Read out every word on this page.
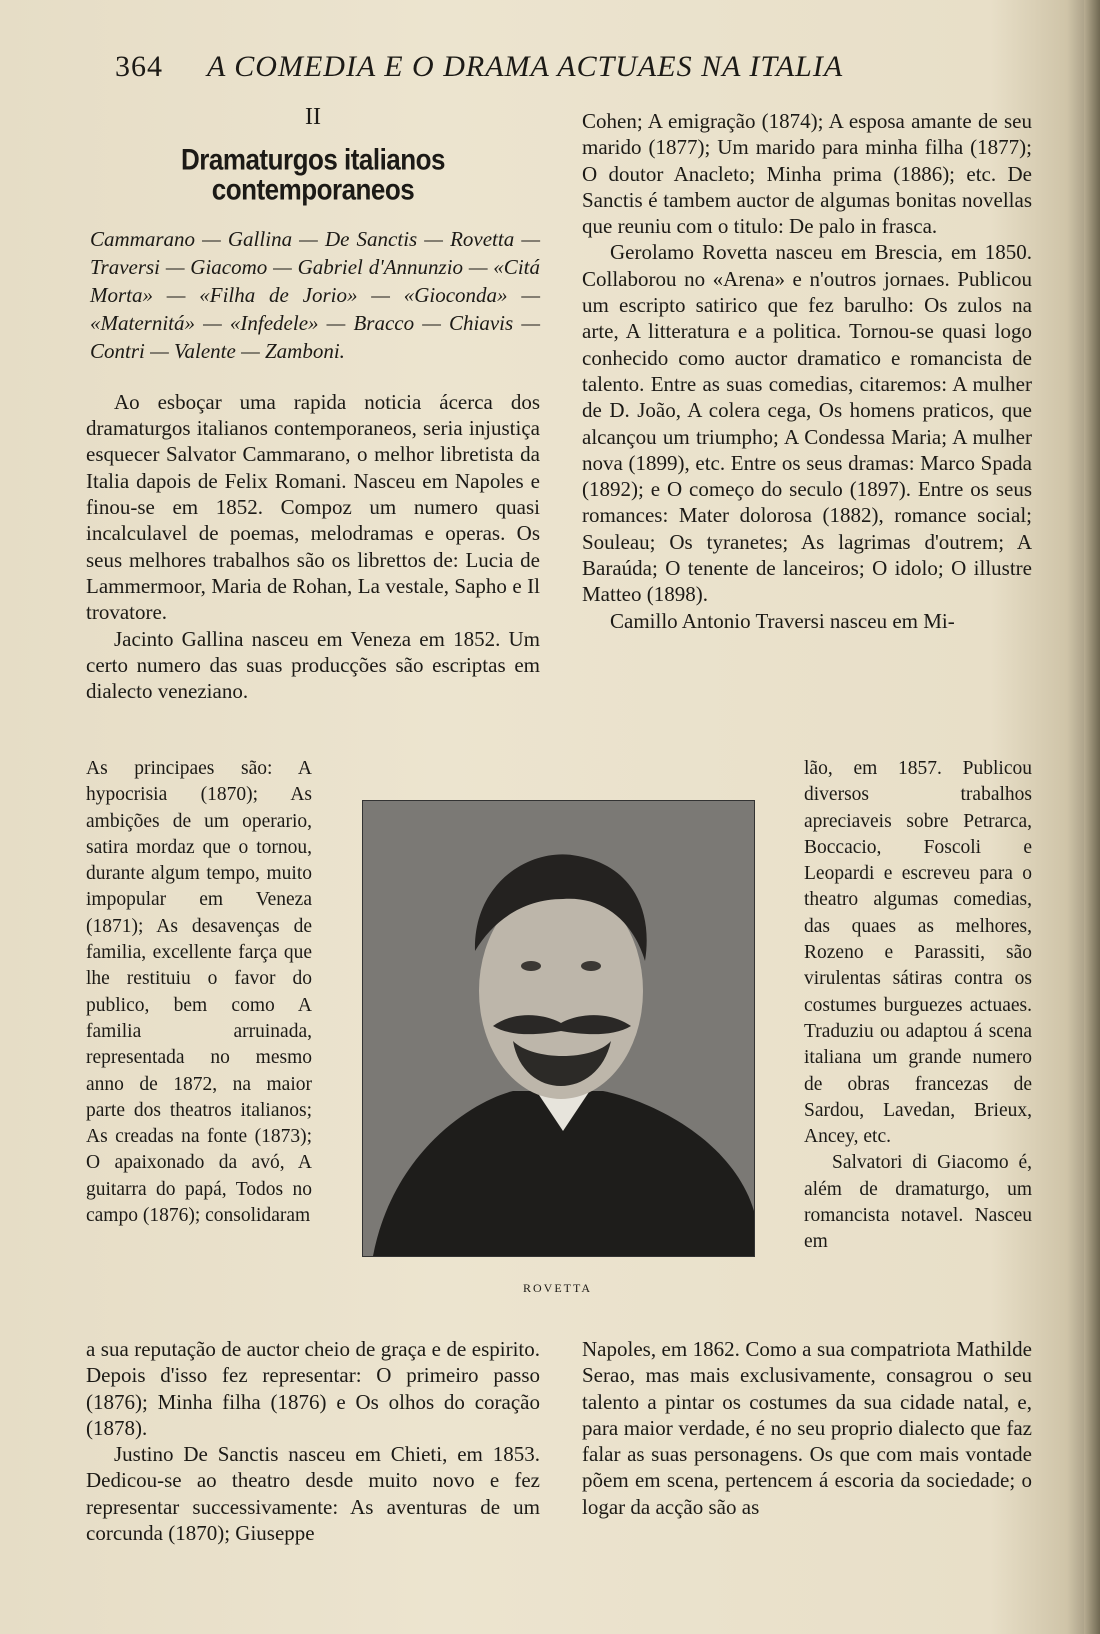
364 A COMEDIA E O DRAMA ACTUAES NA ITALIA
II
Dramaturgos italianos contemporaneos
Cammarano — Gallina — De Sanctis — Rovetta — Traversi — Giacomo — Gabriel d'Annunzio — «Citá Morta» — «Filha de Jorio» — «Gioconda» — «Maternitá» — «Infedele» — Bracco — Chiavis — Contri — Valente — Zamboni.

Ao esboçar uma rapida noticia ácerca dos dramaturgos italianos contemporaneos, seria injustiça esquecer Salvator Cammarano, o melhor libretista da Italia dapois de Felix Romani. Nasceu em Napoles e finou-se em 1852. Compoz um numero quasi incalculavel de poemas, melodramas e operas. Os seus melhores trabalhos são os librettos de: Lucia de Lammermoor, Maria de Rohan, La vestale, Sapho e Il trovatore.

Jacinto Gallina nasceu em Veneza em 1852. Um certo numero das suas producções são escriptas em dialecto veneziano.

As principaes são: A hypocrisia (1870); As ambições de um operario, satira mordaz que o tornou, durante algum tempo, muito impopular em Veneza (1871); As desavenças de familia, excellente farça que lhe restituiu o favor do publico, bem como A familia arruinada, representada no mesmo anno de 1872, na maior parte dos theatros italianos; As creadas na fonte (1873); O apaixonado da avó, A guitarra do papá, Todos no campo (1876); consolidaram

Cohen; A emigração (1874); A esposa amante de seu marido (1877); Um marido para minha filha (1877); O doutor Anacleto; Minha prima (1886); etc. De Sanctis é tambem auctor de algumas bonitas novellas que reuniu com o titulo: De palo in frasca.

Gerolamo Rovetta nasceu em Brescia, em 1850. Collaborou no «Arena» e n'outros jornaes. Publicou um escripto satirico que fez barulho: Os zulos na arte, A litteratura e a politica. Tornou-se quasi logo conhecido como auctor dramatico e romancista de talento. Entre as suas comedias, citaremos: A mulher de D. João, A colera cega, Os homens praticos, que alcançou um triumpho; A Condessa Maria; A mulher nova (1899), etc. Entre os seus dramas: Marco Spada (1892); e O começo do seculo (1897). Entre os seus romances: Mater dolorosa (1882), romance social; Souleau; Os tyranetes; As lagrimas d'outrem; A Baraúda; O tenente de lanceiros; O idolo; O illustre Matteo (1898).

Camillo Antonio Traversi nasceu em Mi-

lão, em 1857. Publicou diversos trabalhos apreciaveis sobre Petrarca, Boccacio, Foscoli e Leopardi e escreveu para o theatro algumas comedias, das quaes as melhores, Rozeno e Parassiti, são virulentas sátiras contra os costumes burguezes actuaes. Traduziu ou adaptou á scena italiana um grande numero de obras francezas de Sardou, Lavedan, Brieux, Ancey, etc.

Salvatori di Giacomo é, além de dramaturgo, um romancista notavel. Nasceu em

ROVETTA

a sua reputação de auctor cheio de graça e de espirito. Depois d'isso fez representar: O primeiro passo (1876); Minha filha (1876) e Os olhos do coração (1878).

Justino De Sanctis nasceu em Chieti, em 1853. Dedicou-se ao theatro desde muito novo e fez representar successivamente: As aventuras de um corcunda (1870); Giuseppe

Napoles, em 1862. Como a sua compatriota Mathilde Serao, mas mais exclusivamente, consagrou o seu talento a pintar os costumes da sua cidade natal, e, para maior verdade, é no seu proprio dialecto que faz falar as suas personagens. Os que com mais vontade põem em scena, pertencem á escoria da sociedade; o logar da acção são as
